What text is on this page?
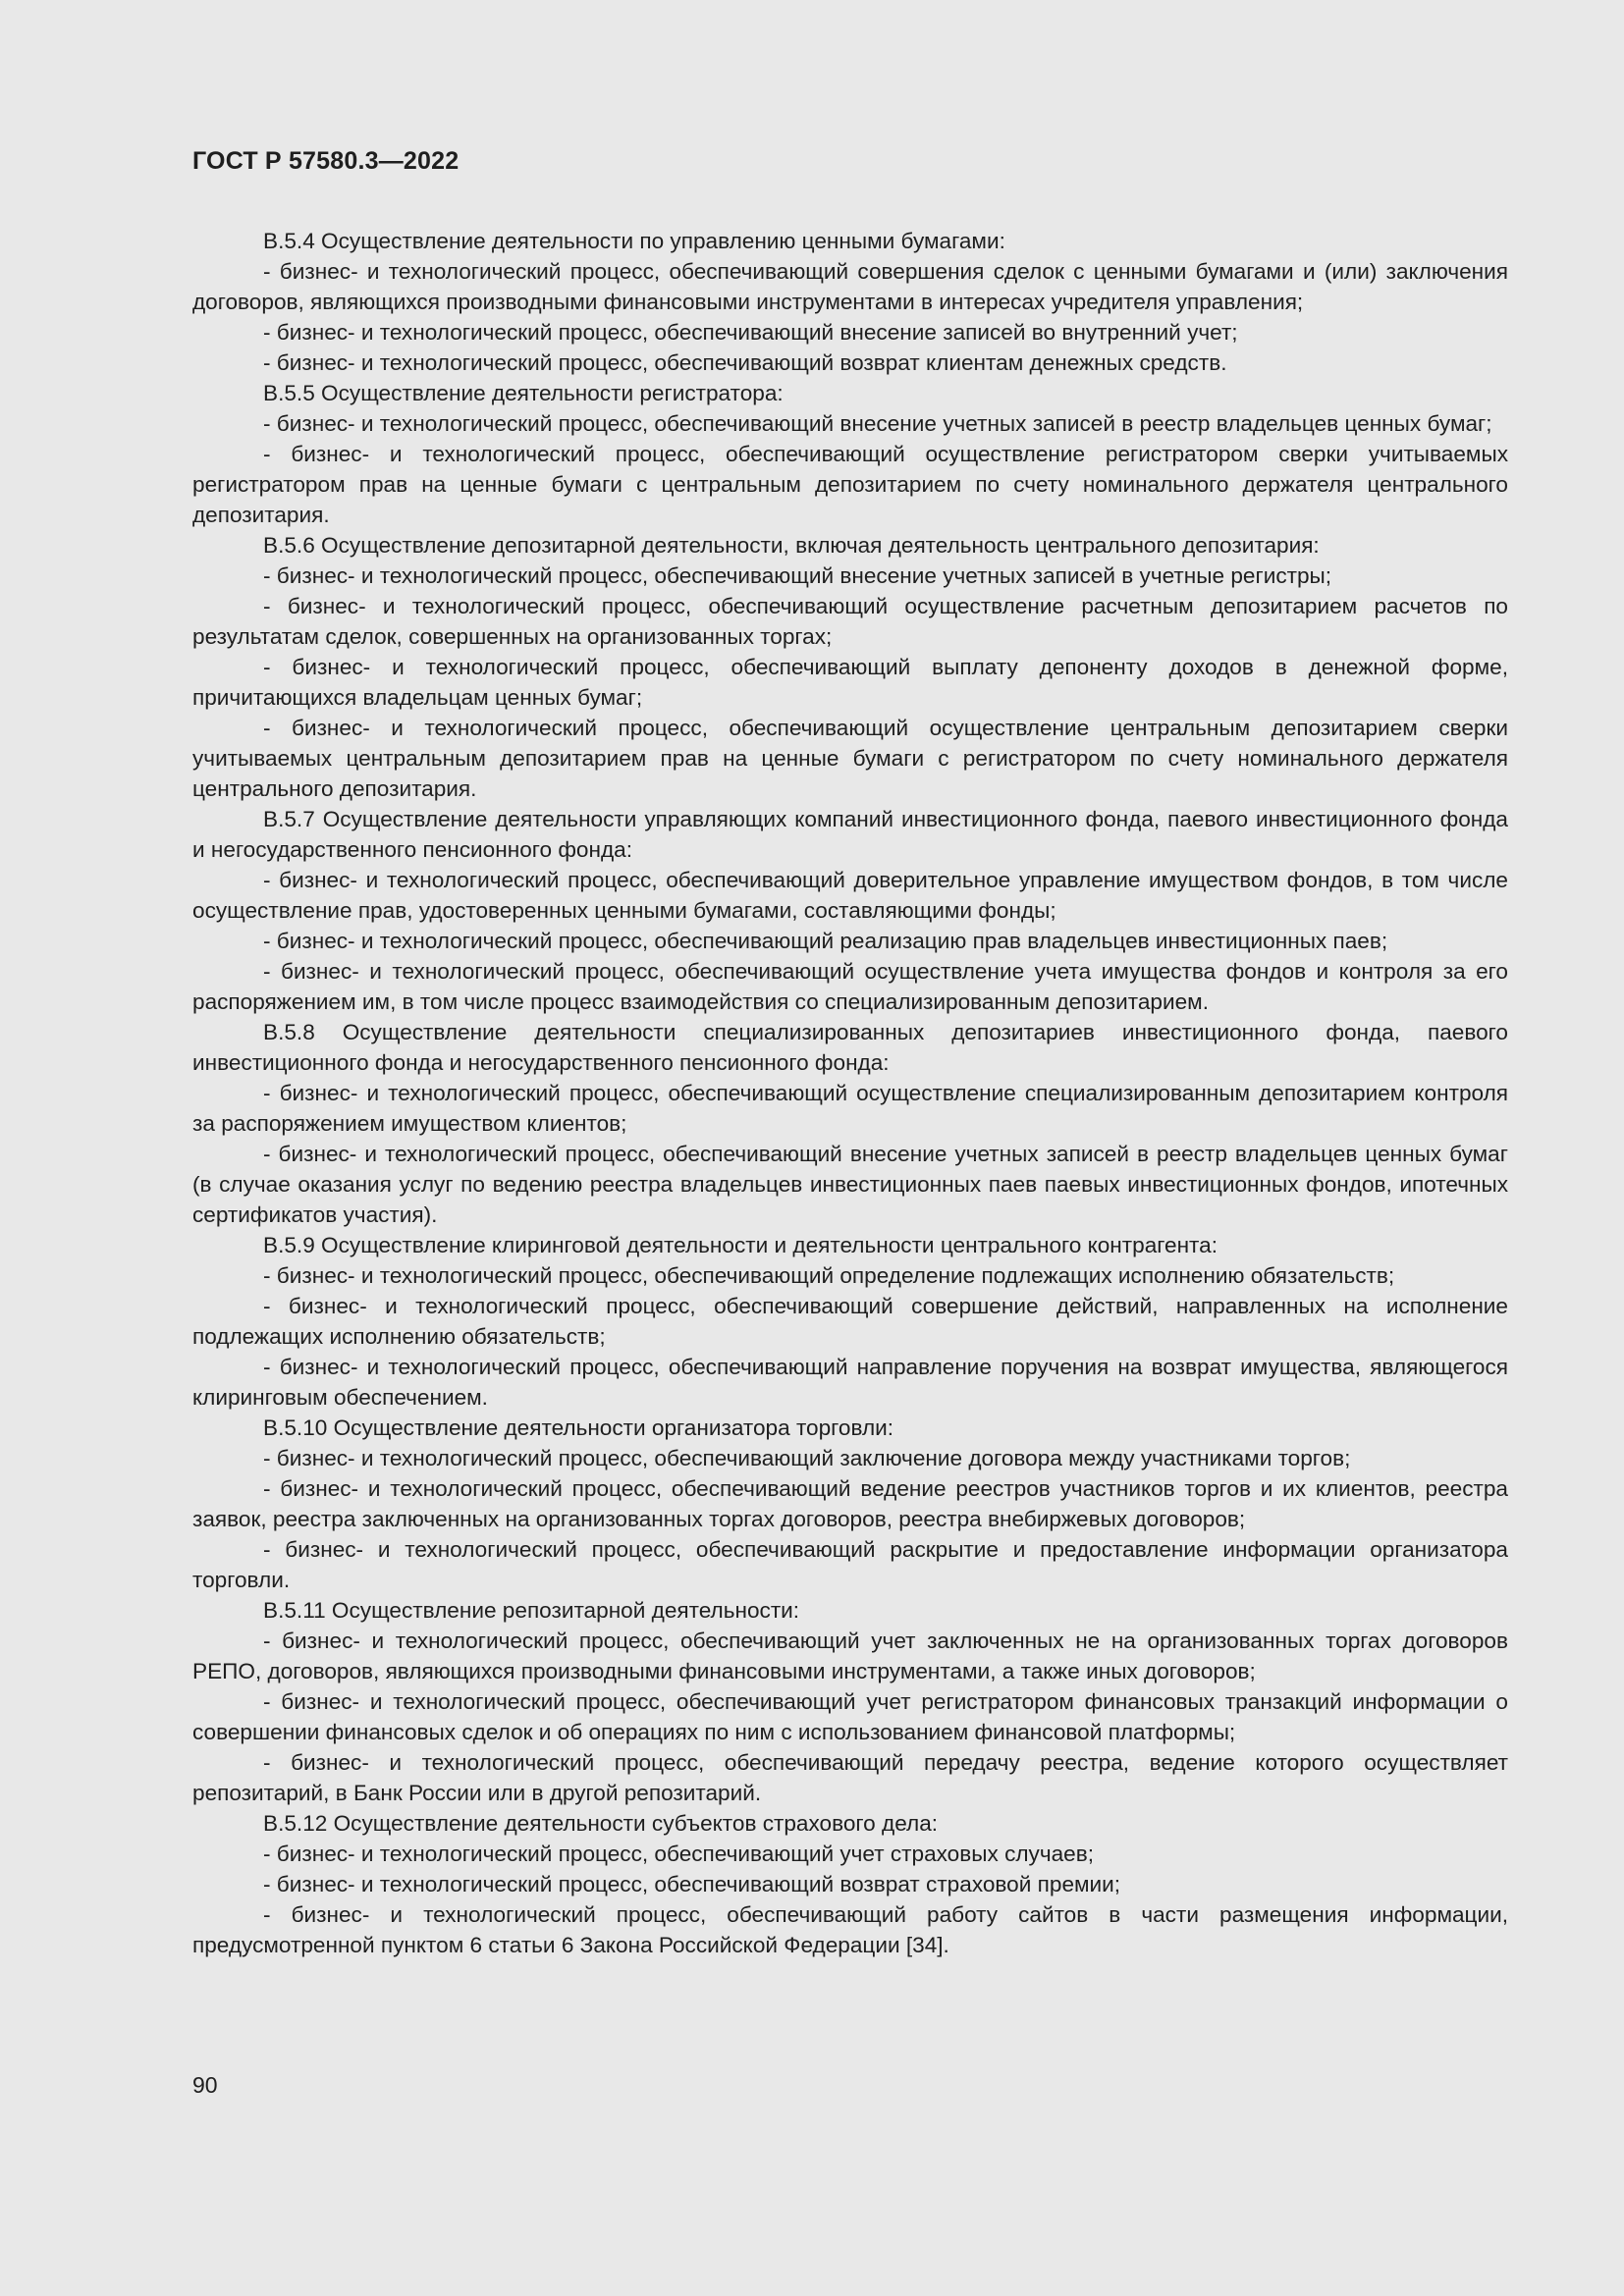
ГОСТ Р 57580.3—2022

В.5.4 Осуществление деятельности по управлению ценными бумагами:

- бизнес- и технологический процесс, обеспечивающий совершения сделок с ценными бумагами и (или) заключения договоров, являющихся производными финансовыми инструментами в интересах учредителя управления;

- бизнес- и технологический процесс, обеспечивающий внесение записей во внутренний учет;

- бизнес- и технологический процесс, обеспечивающий возврат клиентам денежных средств.

В.5.5 Осуществление деятельности регистратора:

- бизнес- и технологический процесс, обеспечивающий внесение учетных записей в реестр владельцев ценных бумаг;

- бизнес- и технологический процесс, обеспечивающий осуществление регистратором сверки учитываемых регистратором прав на ценные бумаги с центральным депозитарием по счету номинального держателя центрального депозитария.

В.5.6 Осуществление депозитарной деятельности, включая деятельность центрального депозитария:

- бизнес- и технологический процесс, обеспечивающий внесение учетных записей в учетные регистры;

- бизнес- и технологический процесс, обеспечивающий осуществление расчетным депозитарием расчетов по результатам сделок, совершенных на организованных торгах;

- бизнес- и технологический процесс, обеспечивающий выплату депоненту доходов в денежной форме, причитающихся владельцам ценных бумаг;

- бизнес- и технологический процесс, обеспечивающий осуществление центральным депозитарием сверки учитываемых центральным депозитарием прав на ценные бумаги с регистратором по счету номинального держателя центрального депозитария.

В.5.7 Осуществление деятельности управляющих компаний инвестиционного фонда, паевого инвестиционного фонда и негосударственного пенсионного фонда:

- бизнес- и технологический процесс, обеспечивающий доверительное управление имуществом фондов, в том числе осуществление прав, удостоверенных ценными бумагами, составляющими фонды;

- бизнес- и технологический процесс, обеспечивающий реализацию прав владельцев инвестиционных паев;

- бизнес- и технологический процесс, обеспечивающий осуществление учета имущества фондов и контроля за его распоряжением им, в том числе процесс взаимодействия со специализированным депозитарием.

В.5.8 Осуществление деятельности специализированных депозитариев инвестиционного фонда, паевого инвестиционного фонда и негосударственного пенсионного фонда:

- бизнес- и технологический процесс, обеспечивающий осуществление специализированным депозитарием контроля за распоряжением имуществом клиентов;

- бизнес- и технологический процесс, обеспечивающий внесение учетных записей в реестр владельцев ценных бумаг (в случае оказания услуг по ведению реестра владельцев инвестиционных паев паевых инвестиционных фондов, ипотечных сертификатов участия).

В.5.9 Осуществление клиринговой деятельности и деятельности центрального контрагента:

- бизнес- и технологический процесс, обеспечивающий определение подлежащих исполнению обязательств;

- бизнес- и технологический процесс, обеспечивающий совершение действий, направленных на исполнение подлежащих исполнению обязательств;

- бизнес- и технологический процесс, обеспечивающий направление поручения на возврат имущества, являющегося клиринговым обеспечением.

В.5.10 Осуществление деятельности организатора торговли:

- бизнес- и технологический процесс, обеспечивающий заключение договора между участниками торгов;

- бизнес- и технологический процесс, обеспечивающий ведение реестров участников торгов и их клиентов, реестра заявок, реестра заключенных на организованных торгах договоров, реестра внебиржевых договоров;

- бизнес- и технологический процесс, обеспечивающий раскрытие и предоставление информации организатора торговли.

В.5.11 Осуществление репозитарной деятельности:

- бизнес- и технологический процесс, обеспечивающий учет заключенных не на организованных торгах договоров РЕПО, договоров, являющихся производными финансовыми инструментами, а также иных договоров;

- бизнес- и технологический процесс, обеспечивающий учет регистратором финансовых транзакций информации о совершении финансовых сделок и об операциях по ним с использованием финансовой платформы;

- бизнес- и технологический процесс, обеспечивающий передачу реестра, ведение которого осуществляет репозитарий, в Банк России или в другой репозитарий.

В.5.12 Осуществление деятельности субъектов страхового дела:

- бизнес- и технологический процесс, обеспечивающий учет страховых случаев;

- бизнес- и технологический процесс, обеспечивающий возврат страховой премии;

- бизнес- и технологический процесс, обеспечивающий работу сайтов в части размещения информации, предусмотренной пунктом 6 статьи 6 Закона Российской Федерации [34].

90
